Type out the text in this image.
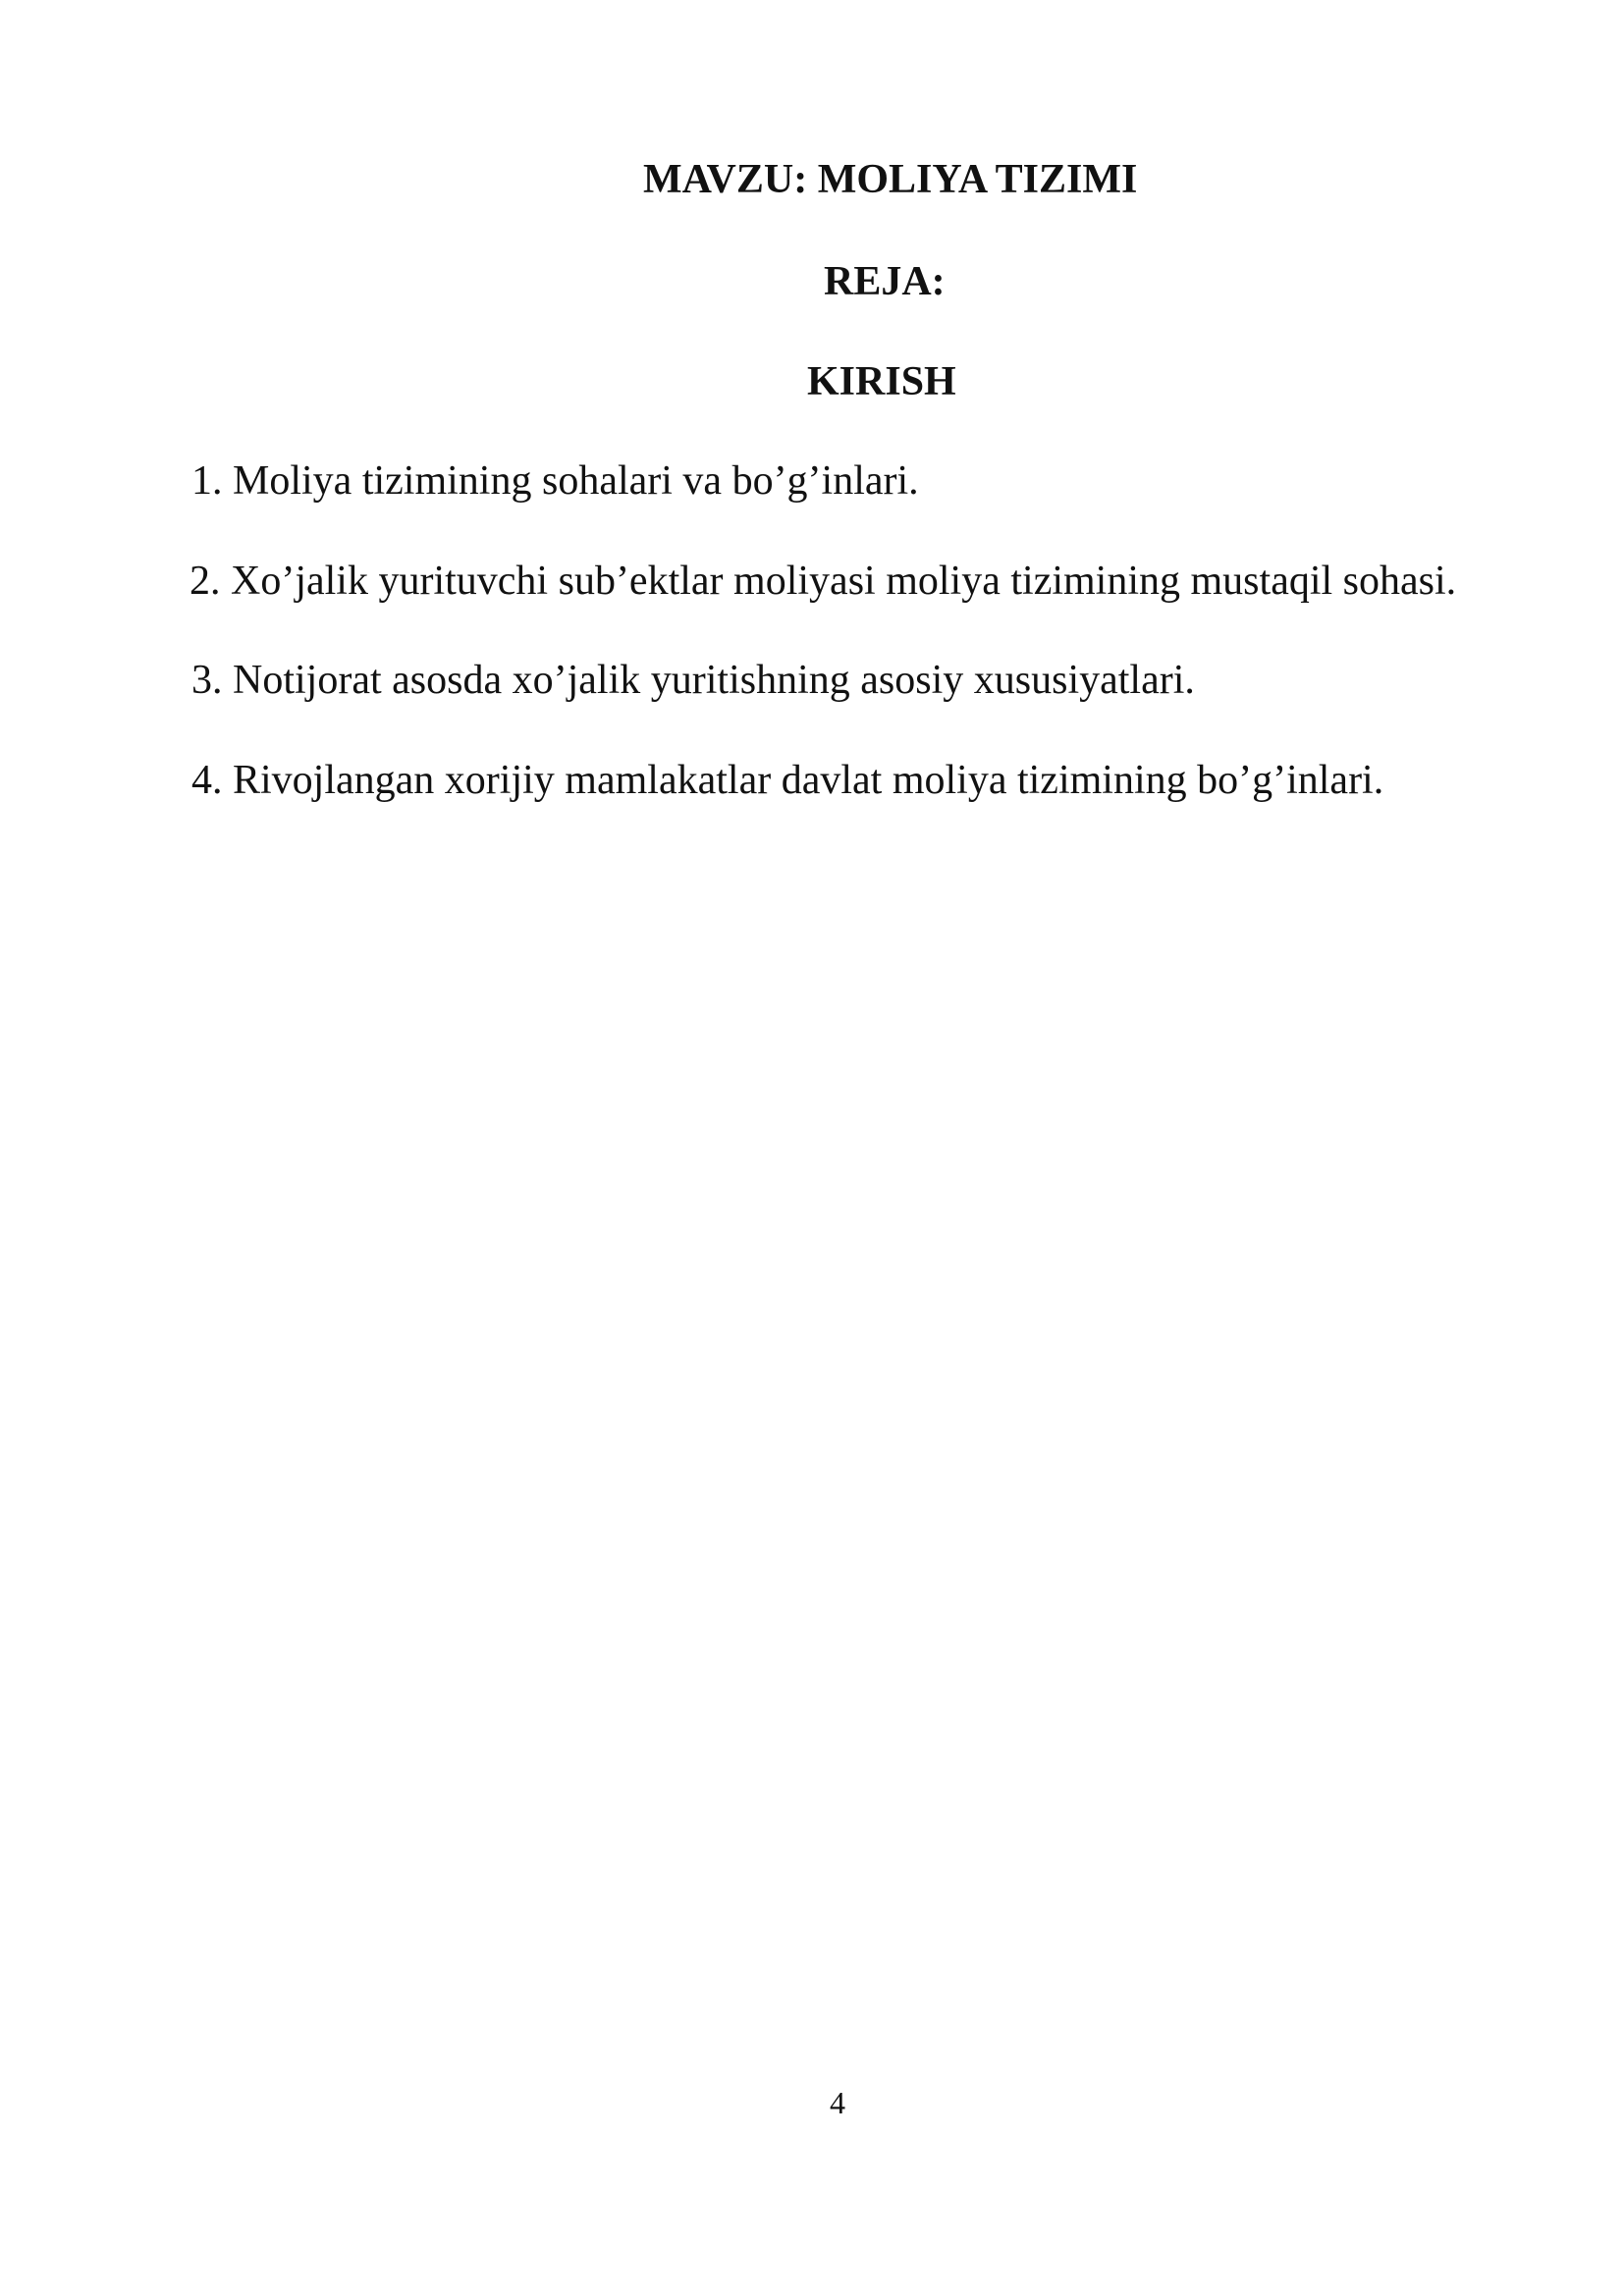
MAVZU: MOLIYA TIZIMI
REJA:
KIRISH
1. Moliya tizimining sohalari va bo’g’inlari.
2. Xo’jalik yurituvchi sub’ektlar moliyasi moliya tizimining mustaqil sohasi.
3. Notijorat asosda xo’jalik yuritishning asosiy xususiyatlari.
4. Rivojlangan xorijiy mamlakatlar davlat moliya tizimining bo’g’inlari.
4
